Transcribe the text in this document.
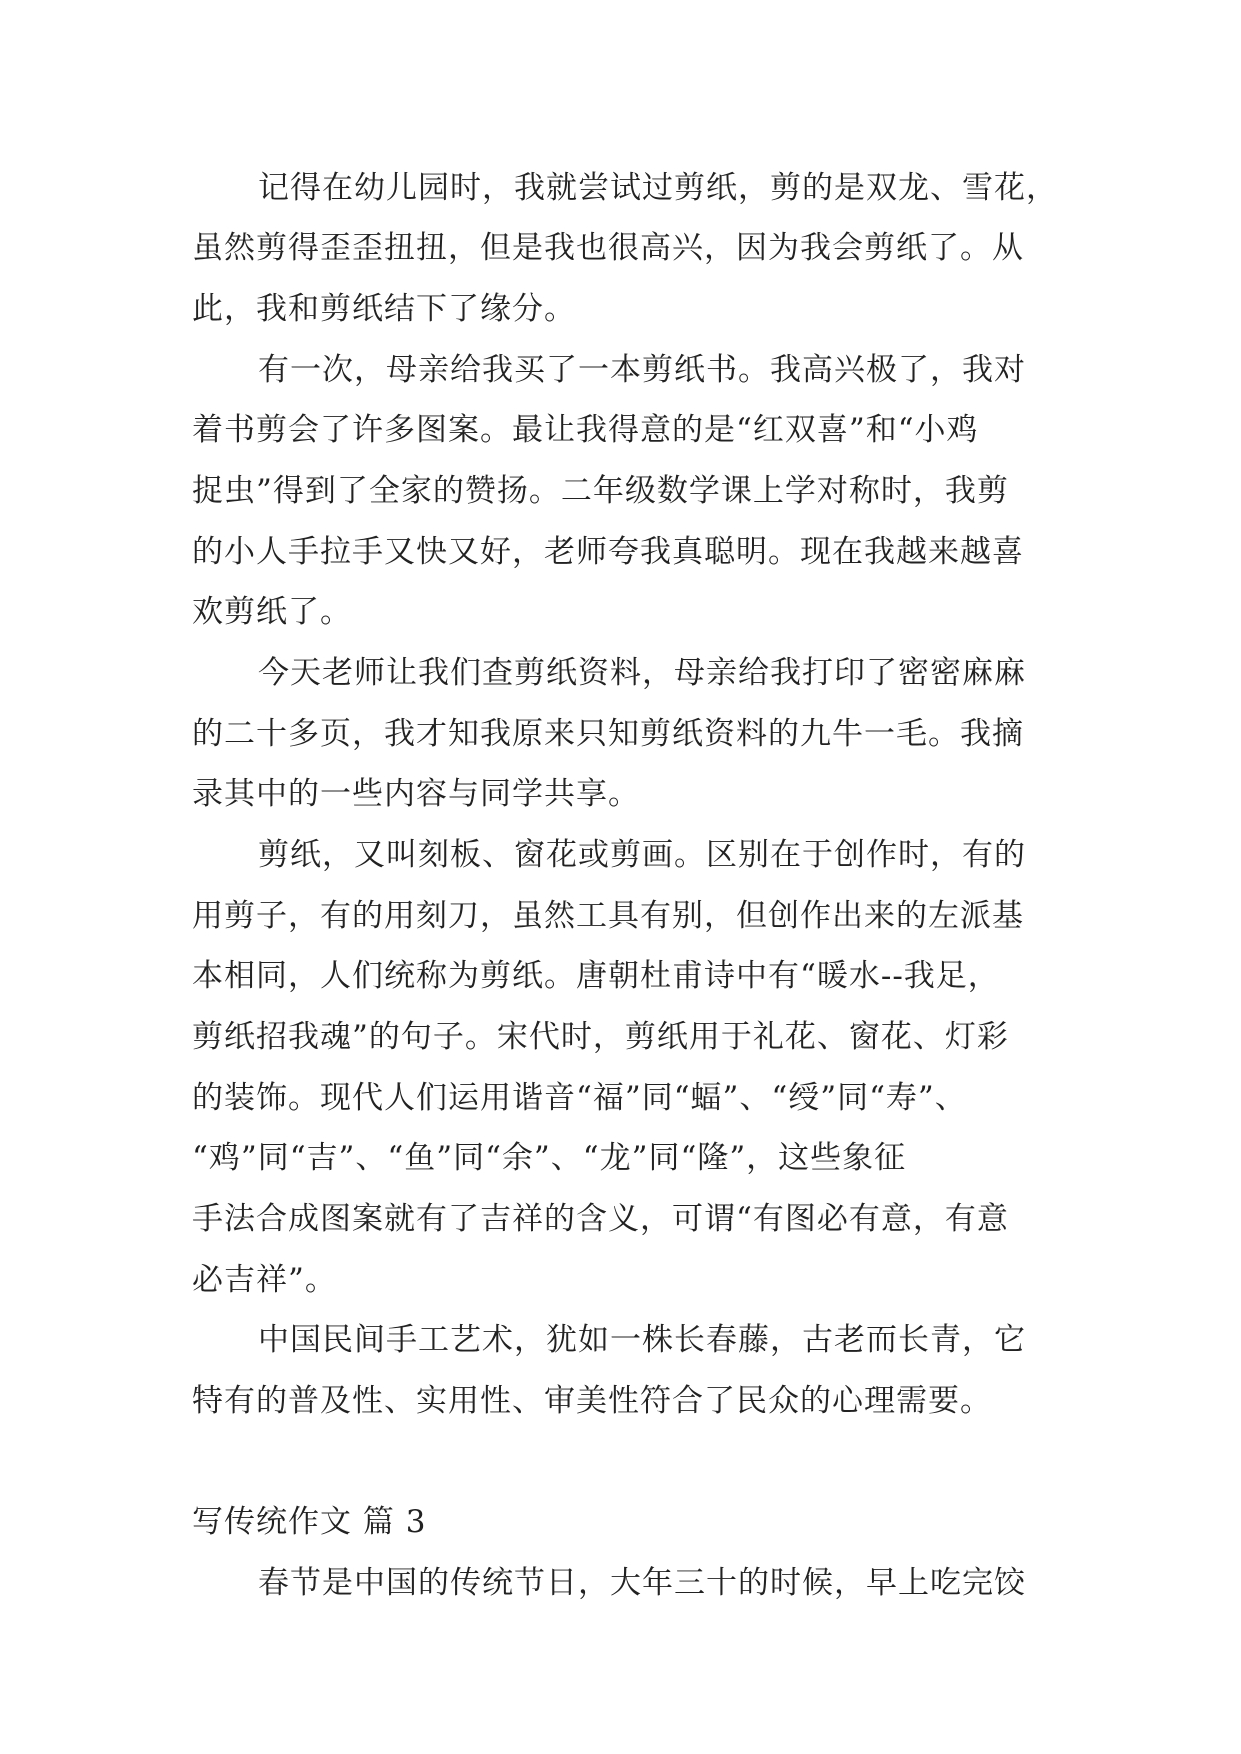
记得在幼儿园时，我就尝试过剪纸，剪的是双龙、雪花，
虽然剪得歪歪扭扭，但是我也很高兴，因为我会剪纸了。从
此，我和剪纸结下了缘分。
有一次，母亲给我买了一本剪纸书。我高兴极了，我对
着书剪会了许多图案。最让我得意的是“红双喜”和“小鸡
捉虫”得到了全家的赞扬。二年级数学课上学对称时，我剪
的小人手拉手又快又好，老师夸我真聪明。现在我越来越喜
欢剪纸了。
今天老师让我们查剪纸资料，母亲给我打印了密密麻麻
的二十多页，我才知我原来只知剪纸资料的九牛一毛。我摘
录其中的一些内容与同学共享。
剪纸，又叫刻板、窗花或剪画。区别在于创作时，有的
用剪子，有的用刻刀，虽然工具有别，但创作出来的左派基
本相同，人们统称为剪纸。唐朝杜甫诗中有“暖水--我足，
剪纸招我魂”的句子。宋代时，剪纸用于礼花、窗花、灯彩
的装饰。现代人们运用谐音“福”同“蝠”、“绶”同“寿”、
“鸡”同“吉”、“鱼”同“余”、“龙”同“隆”，这些象征
手法合成图案就有了吉祥的含义，可谓“有图必有意，有意
必吉祥”。
中国民间手工艺术，犹如一株长春藤，古老而长青，它
特有的普及性、实用性、审美性符合了民众的心理需要。
写传统作文 篇 3
春节是中国的传统节日，大年三十的时候，早上吃完饺
